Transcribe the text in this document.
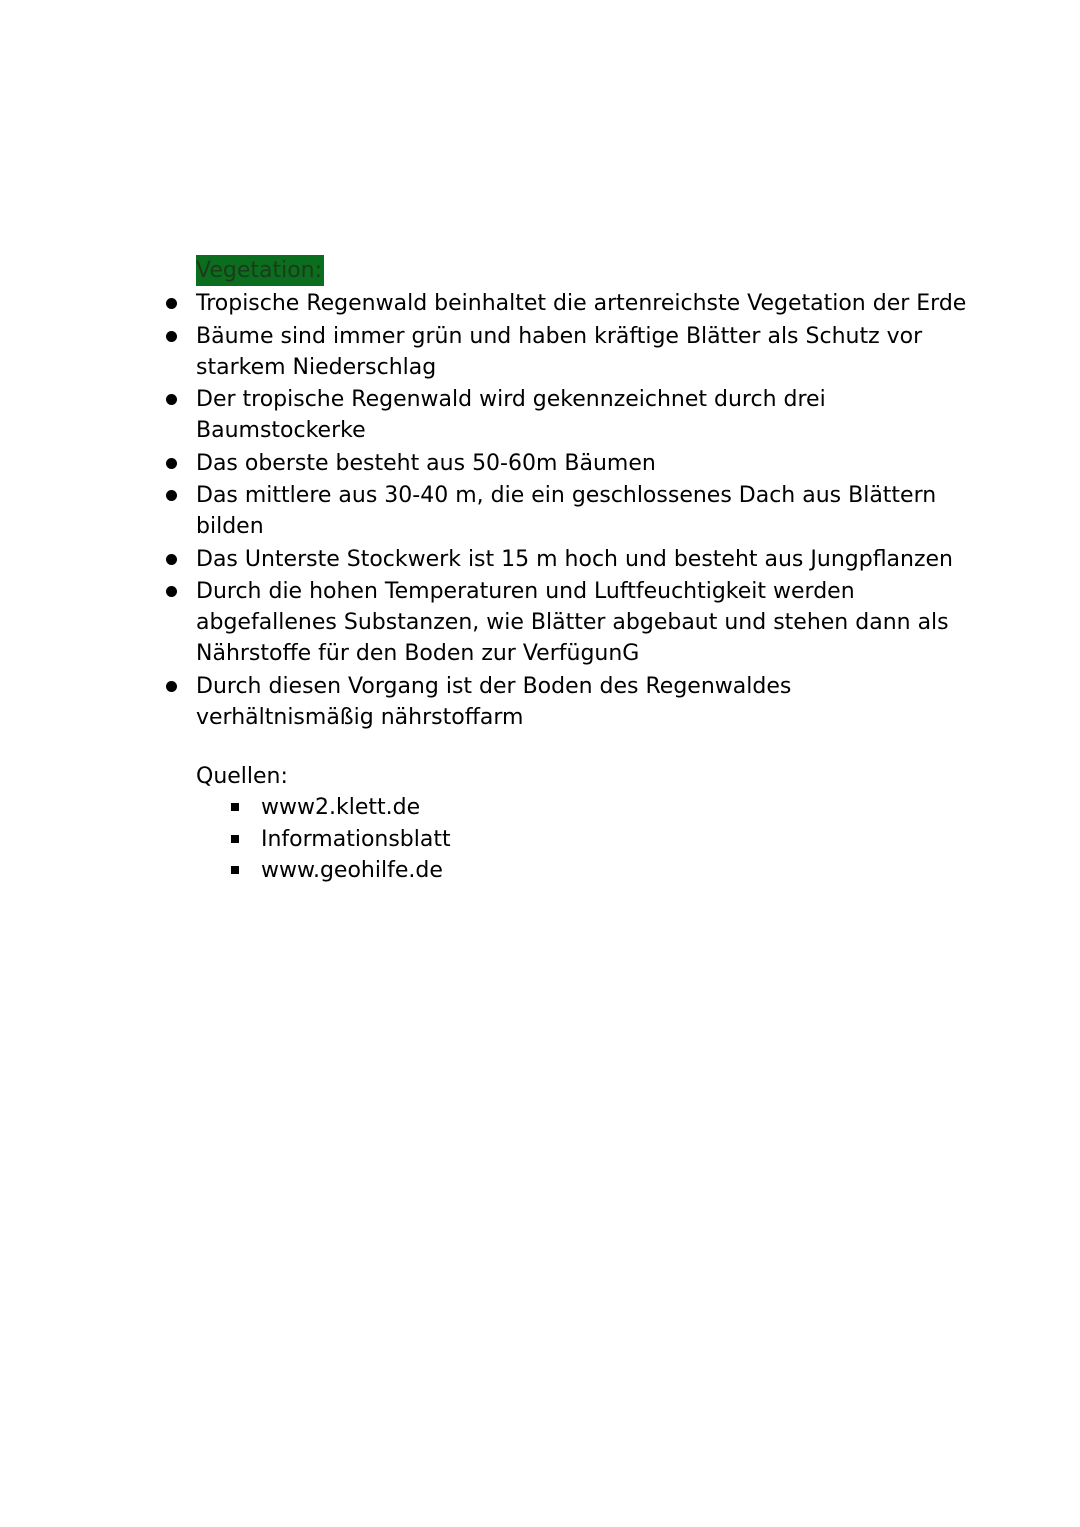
Vegetation:
Tropische Regenwald beinhaltet die artenreichste Vegetation der Erde
Bäume sind immer grün und haben kräftige Blätter als Schutz vor starkem Niederschlag
Der tropische Regenwald wird gekennzeichnet durch drei Baumstockerke
Das oberste besteht aus 50-60m Bäumen
Das mittlere aus 30-40 m, die ein geschlossenes Dach aus Blättern bilden
Das Unterste Stockwerk ist 15 m hoch und besteht aus Jungpflanzen
Durch die hohen Temperaturen und Luftfeuchtigkeit werden abgefallenes Substanzen, wie Blätter abgebaut und stehen dann als Nährstoffe für den Boden zur VerfügunG
Durch diesen Vorgang ist der Boden des Regenwaldes verhältnismäßig nährstoffarm

Quellen:

www2.klett.de
Informationsblatt
www.geohilfe.de
